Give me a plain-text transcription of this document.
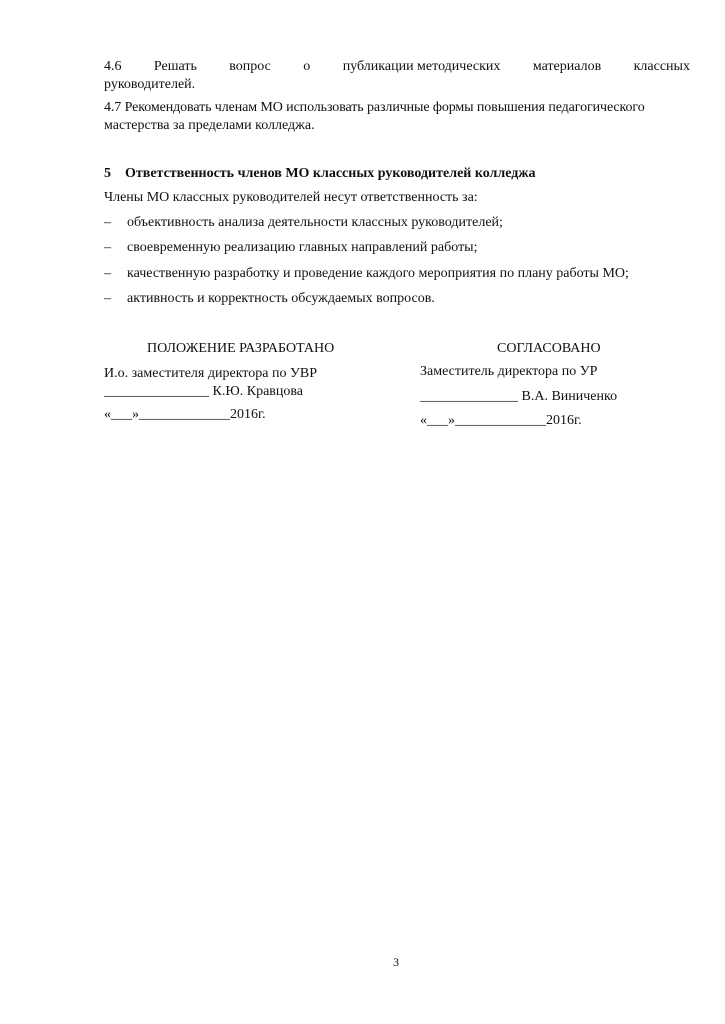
4.6 Решать вопрос о публикации методических материалов классных
руководителей.
4.7 Рекомендовать членам МО использовать различные формы повышения педагогического
мастерства за пределами колледжа.
5 Ответственность членов МО классных руководителей колледжа
Члены МО классных руководителей несут ответственность за:
– объективность анализа деятельности классных руководителей;
– своевременную реализацию главных направлений работы;
– качественную разработку и проведение каждого мероприятия по плану работы МО;
– активность и корректность обсуждаемых вопросов.
ПОЛОЖЕНИЕ РАЗРАБОТАНО
И.о. заместителя директора по УВР
_______________ К.Ю. Кравцова
«___»_____________2016г.
СОГЛАСОВАНО
Заместитель директора по УР
______________ В.А. Виниченко
«___»_____________2016г.
3
